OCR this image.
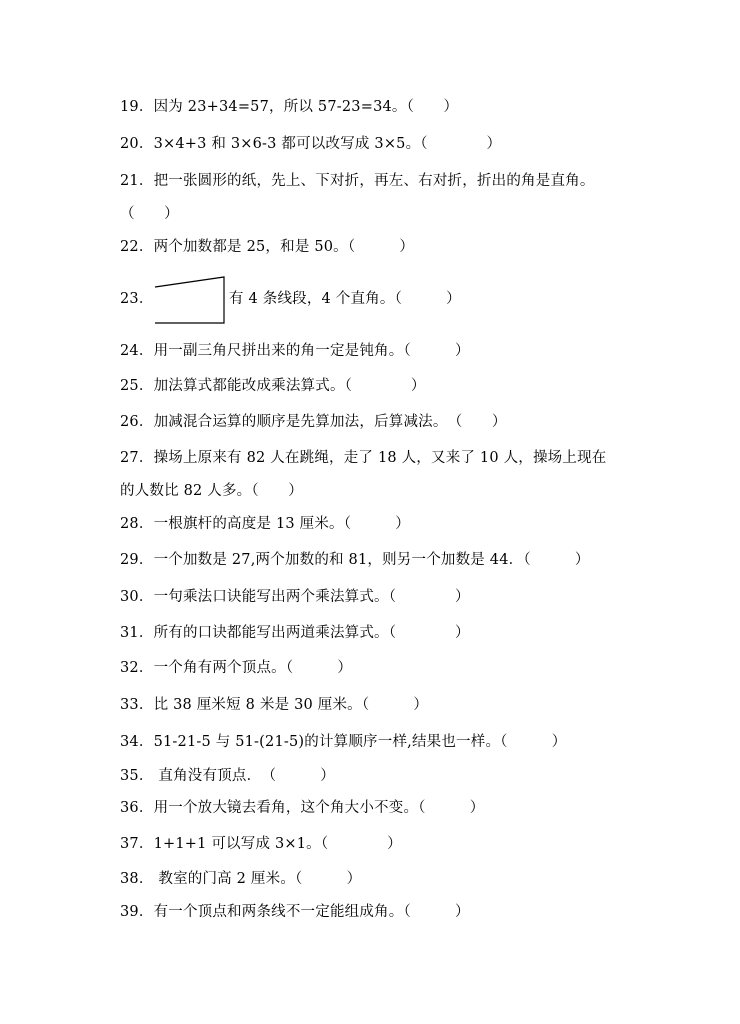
19．因为 23+34=57，所以 57-23=34。（　　）
20．3×4+3 和 3×6-3 都可以改写成 3×5。（　　　　）
21．把一张圆形的纸，先上、下对折，再左、右对折，折出的角是直角。
（　　）
22．两个加数都是 25，和是 50。（　　　）
23．	有 4 条线段，4 个直角。（　　　）
24．用一副三角尺拼出来的角一定是钝角。（　　　）
25．加法算式都能改成乘法算式。（　　　　）
26．加减混合运算的顺序是先算加法，后算减法。　（　　）
27．操场上原来有 82 人在跳绳，走了 18 人，又来了 10 人，操场上现在
的人数比 82 人多。（　　）
28．一根旗杆的高度是 13 厘米。（　　　）
29．一个加数是 27,两个加数的和 81，则另一个加数是 44．（　　　）
30．一句乘法口诀能写出两个乘法算式。（　　　　）
31．所有的口诀都能写出两道乘法算式。（　　　　）
32．一个角有两个顶点。（　　　）
33．比 38 厘米短 8 米是 30 厘米。（　　　）
34．51-21-5 与 51-(21-5)的计算顺序一样,结果也一样。（　　　）
35． 直角没有顶点．　（　　　）
36．用一个放大镜去看角，这个角大小不变。（　　　）
37．1+1+1 可以写成 3×1。（　　　　）
38． 教室的门高 2 厘米。（　　　）
39．有一个顶点和两条线不一定能组成角。（　　　）
